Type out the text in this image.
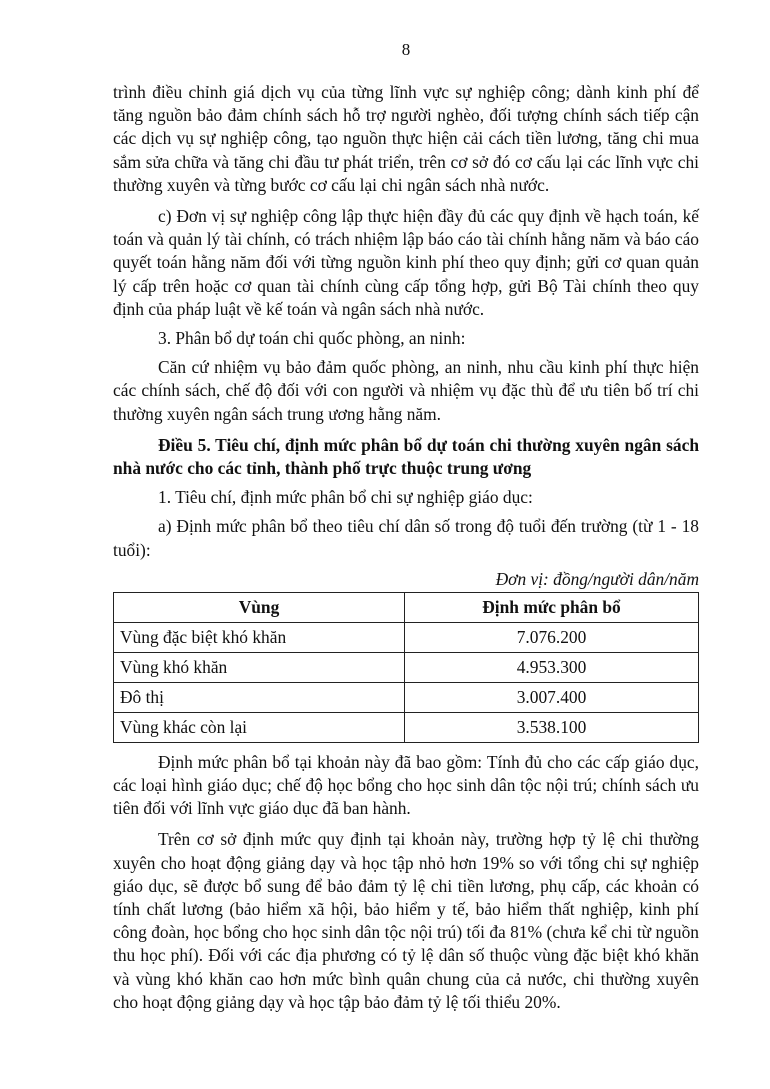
8

trình điều chỉnh giá dịch vụ của từng lĩnh vực sự nghiệp công; dành kinh phí để tăng nguồn bảo đảm chính sách hỗ trợ người nghèo, đối tượng chính sách tiếp cận các dịch vụ sự nghiệp công, tạo nguồn thực hiện cải cách tiền lương, tăng chi mua sắm sửa chữa và tăng chi đầu tư phát triển, trên cơ sở đó cơ cấu lại các lĩnh vực chi thường xuyên và từng bước cơ cấu lại chi ngân sách nhà nước.

c) Đơn vị sự nghiệp công lập thực hiện đầy đủ các quy định về hạch toán, kế toán và quản lý tài chính, có trách nhiệm lập báo cáo tài chính hằng năm và báo cáo quyết toán hằng năm đối với từng nguồn kinh phí theo quy định; gửi cơ quan quản lý cấp trên hoặc cơ quan tài chính cùng cấp tổng hợp, gửi Bộ Tài chính theo quy định của pháp luật về kế toán và ngân sách nhà nước.

3. Phân bổ dự toán chi quốc phòng, an ninh:

Căn cứ nhiệm vụ bảo đảm quốc phòng, an ninh, nhu cầu kinh phí thực hiện các chính sách, chế độ đối với con người và nhiệm vụ đặc thù để ưu tiên bố trí chi thường xuyên ngân sách trung ương hằng năm.

Điều 5. Tiêu chí, định mức phân bổ dự toán chi thường xuyên ngân sách nhà nước cho các tỉnh, thành phố trực thuộc trung ương

1. Tiêu chí, định mức phân bổ chi sự nghiệp giáo dục:

a) Định mức phân bổ theo tiêu chí dân số trong độ tuổi đến trường (từ 1 - 18 tuổi):

Đơn vị: đồng/người dân/năm
Vùng	Định mức phân bổ
Vùng đặc biệt khó khăn	7.076.200
Vùng khó khăn	4.953.300
Đô thị	3.007.400
Vùng khác còn lại	3.538.100

Định mức phân bổ tại khoản này đã bao gồm: Tính đủ cho các cấp giáo dục, các loại hình giáo dục; chế độ học bổng cho học sinh dân tộc nội trú; chính sách ưu tiên đối với lĩnh vực giáo dục đã ban hành.

Trên cơ sở định mức quy định tại khoản này, trường hợp tỷ lệ chi thường xuyên cho hoạt động giảng dạy và học tập nhỏ hơn 19% so với tổng chi sự nghiệp giáo dục, sẽ được bổ sung để bảo đảm tỷ lệ chi tiền lương, phụ cấp, các khoản có tính chất lương (bảo hiểm xã hội, bảo hiểm y tế, bảo hiểm thất nghiệp, kinh phí công đoàn, học bổng cho học sinh dân tộc nội trú) tối đa 81% (chưa kể chi từ nguồn thu học phí). Đối với các địa phương có tỷ lệ dân số thuộc vùng đặc biệt khó khăn và vùng khó khăn cao hơn mức bình quân chung của cả nước, chi thường xuyên cho hoạt động giảng dạy và học tập bảo đảm tỷ lệ tối thiểu 20%.
